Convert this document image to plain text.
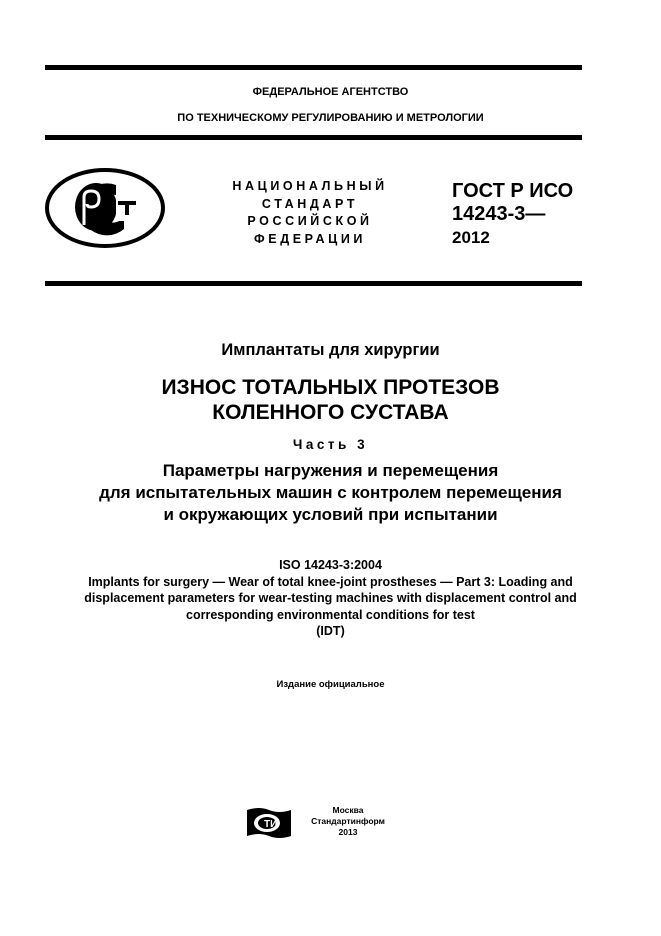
ФЕДЕРАЛЬНОЕ АГЕНТСТВО
ПО ТЕХНИЧЕСКОМУ РЕГУЛИРОВАНИЮ И МЕТРОЛОГИИ
НАЦИОНАЛЬНЫЙ
СТАНДАРТ
РОССИЙСКОЙ
ФЕДЕРАЦИИ
ГОСТ Р ИСО
14243-3—
2012
Имплантаты для хирургии
ИЗНОС ТОТАЛЬНЫХ ПРОТЕЗОВ
КОЛЕННОГО СУСТАВА
Часть 3
Параметры нагружения и перемещения
для испытательных машин с контролем перемещения
и окружающих условий при испытании
ISO 14243-3:2004
Implants for surgery — Wear of total knee-joint prostheses — Part 3: Loading and
displacement parameters for wear-testing machines with displacement control and
corresponding environmental conditions for test
(IDT)
Издание официальное
ТИ
Москва
Стандартинформ
2013
